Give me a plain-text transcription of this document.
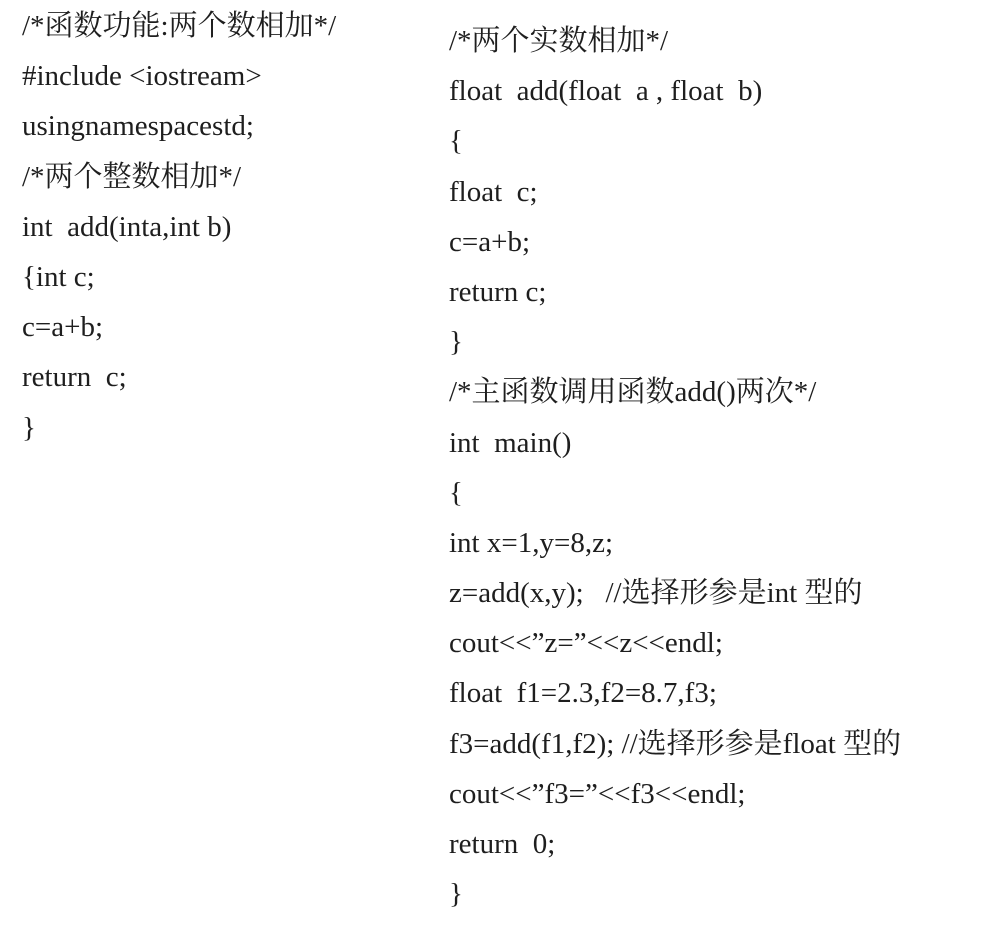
/*函数功能:两个数相加*/
#include <iostream>
usingnamespacestd;
/*两个整数相加*/
int  add(inta,int b)
{int c;
c=a+b;
return  c;
}
/*两个实数相加*/
float  add(float  a , float  b)
{
float  c;
c=a+b;
return c;
}
/*主函数调用函数add()两次*/
int  main()
{
int x=1,y=8,z;
z=add(x,y);   //选择形参是int 型的
cout<<”z=”<<z<<endl;
float  f1=2.3,f2=8.7,f3;
f3=add(f1,f2); //选择形参是float 型的
cout<<”f3=”<<f3<<endl;
return  0;
}
